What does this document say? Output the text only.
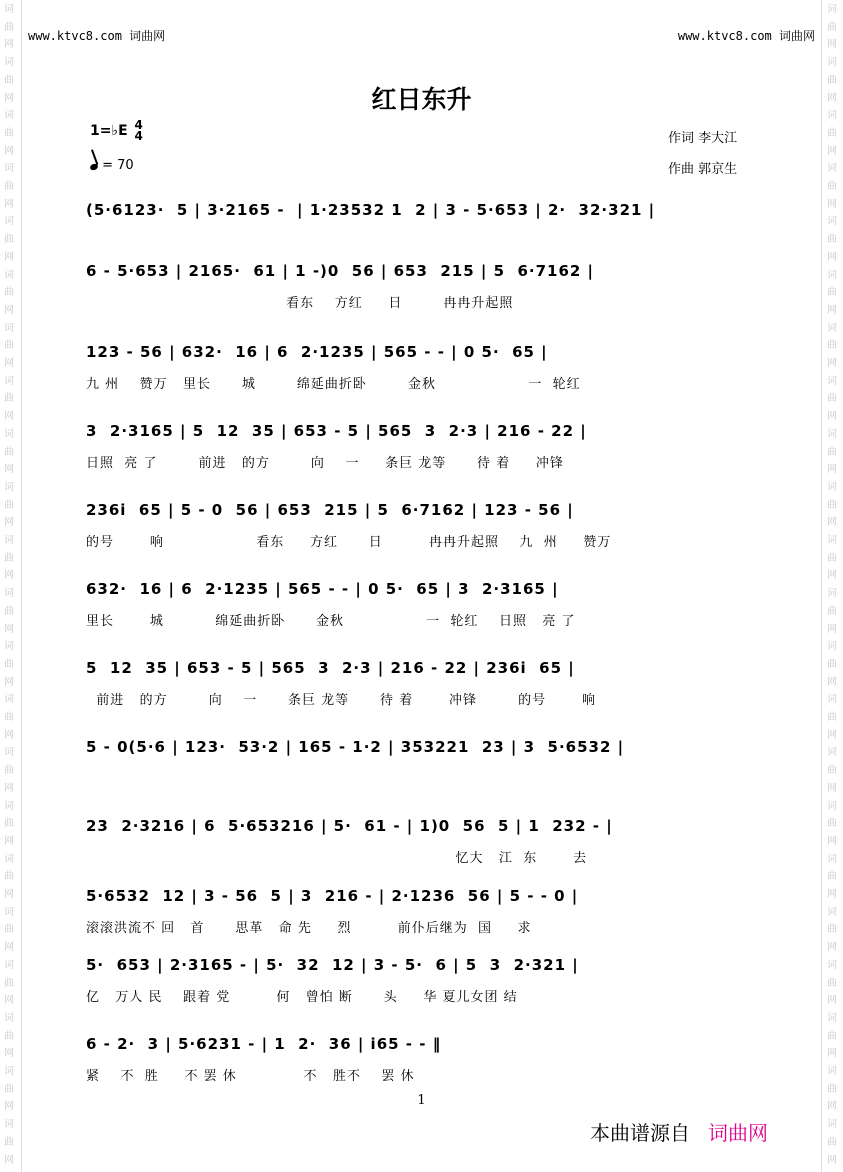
词
曲
网
词
曲
网
词
曲
网
词
曲
网
词
曲
网
词
曲
网
词
曲
网
词
曲
网
词
曲
网
词
曲
网
词
曲
网
词
曲
网
词
曲
网
词
曲
网
词
曲
网
词
曲
网
词
曲
网
词
曲
网
词
曲
网
词
曲
网
词
曲
网
词
曲
网
词
曲
网
词
曲
网
词
曲
网
词
曲
网
词
曲
网
词
曲
网
词
曲
网
词
曲
网
词
曲
网
词
曲
网
词
曲
网
词
曲
网
词
曲
网
词
曲
网
词
曲
网
词
曲
网
词
曲
网
词
曲
网
词
曲
网
词
曲
网
词
曲
网
词
曲
网
www.ktvc8.com 词曲网	www.ktvc8.com 词曲网
红日东升
1=♭E 4
4
= 70
作词 李大江
作曲 郭京生
(5·6123·  5 | 3·2165 -  | 1·23532 1  2 | 3 - 5·653 | 2·  32·321 |
6 - 5·653 | 2165·  61 | 1 -)0  56 | 653  215 | 5  6·7162 |
看东    方红     日        冉冉升起照
123 - 56 | 632·  16 | 6  2·1235 | 565 - - | 0 5·  65 |
九 州    赞万   里长      城        绵延曲折卧        金秋                  一  轮红
3  2·3165 | 5  12  35 | 653 - 5 | 565  3  2·3 | 216 - 22 |
日照  亮 了        前进   的方        向    一     条巨 龙等      待 着     冲锋
236i  65 | 5 - 0  56 | 653  215 | 5  6·7162 | 123 - 56 |
的号       响                  看东     方红      日         冉冉升起照    九  州     赞万
632·  16 | 6  2·1235 | 565 - - | 0 5·  65 | 3  2·3165 |
里长       城          绵延曲折卧      金秋                一  轮红    日照   亮 了
5  12  35 | 653 - 5 | 565  3  2·3 | 216 - 22 | 236i  65 |
前进   的方        向    一      条巨 龙等      待 着       冲锋        的号       响
5 - 0(5·6 | 123·  53·2 | 165 - 1·2 | 353221  23 | 3  5·6532 |
23  2·3216 | 6  5·653216 | 5·  61 - | 1)0  56  5 | 1  232 - |
忆大   江  东       去
5·6532  12 | 3 - 56  5 | 3  216 - | 2·1236  56 | 5 - - 0 |
滚滚洪流不 回   首      思革   命 先     烈         前仆后继为  国     求
5·  653 | 2·3165 - | 5·  32  12 | 3 - 5·  6 | 5  3  2·321 |
亿   万人 民    跟着 党         何   曾怕 断      头     华 夏儿女团 结
6 - 2·  3 | 5·6231 - | 1  2·  36 | i65 - - ‖
紧    不  胜     不 罢 休             不   胜不    罢 休
1
本曲谱源自 词曲网
